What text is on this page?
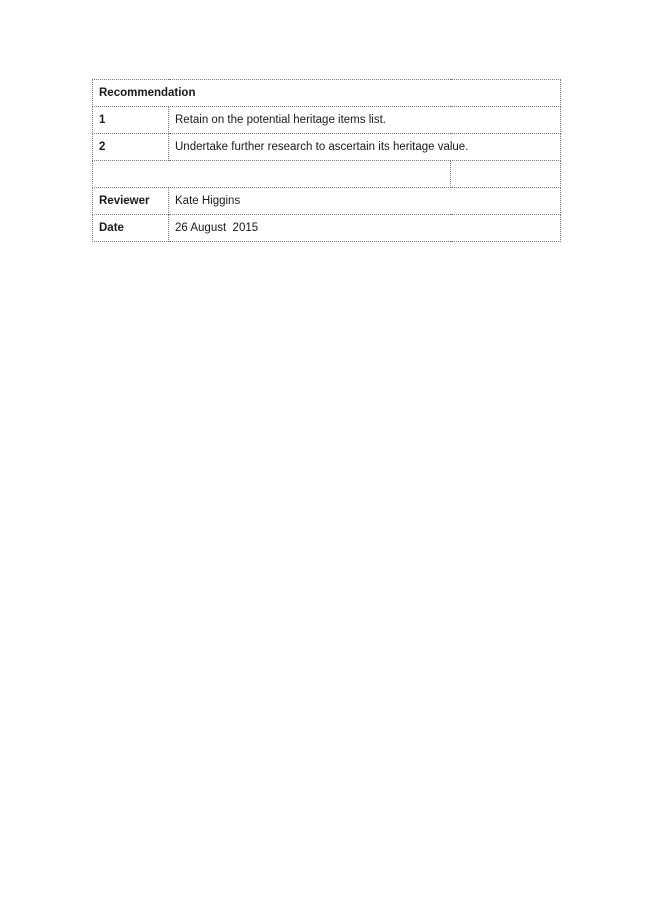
Recommendation		
1	Retain on the potential heritage items list.	
2	Undertake further research to ascertain its heritage value.	

Reviewer	Kate Higgins	
Date	26 August  2015	
